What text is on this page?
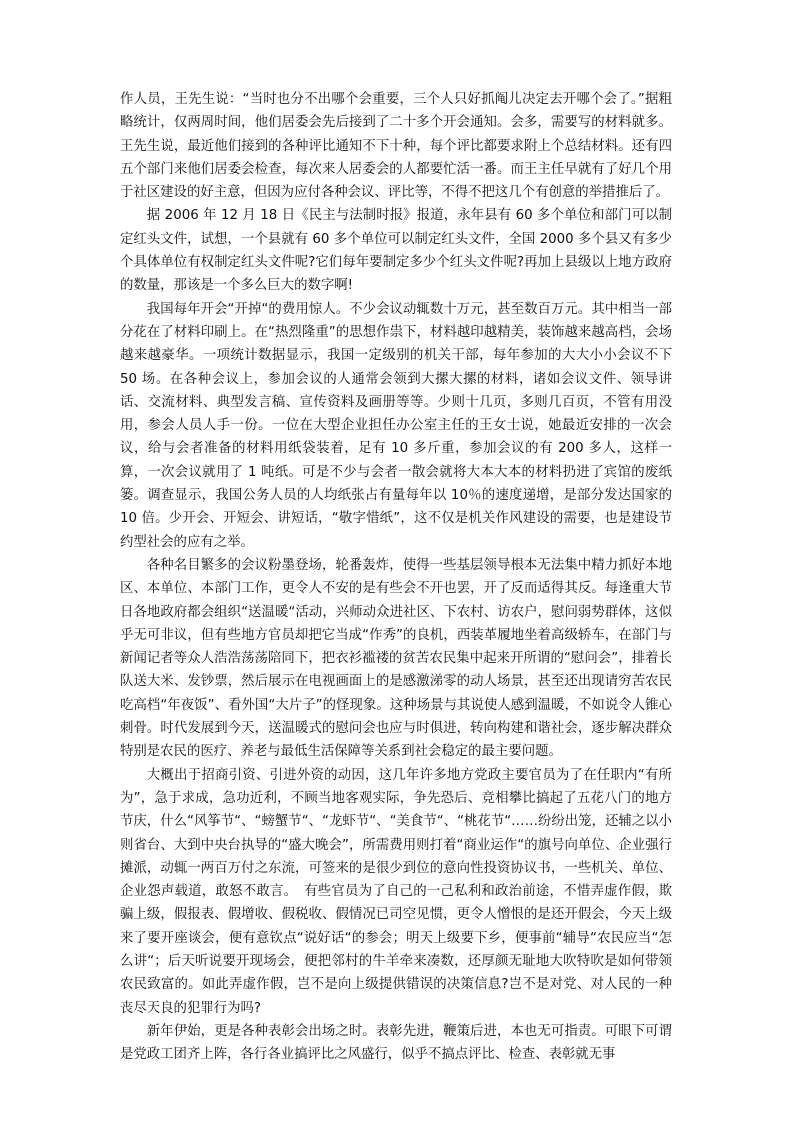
作人员，王先生说：“当时也分不出哪个会重要，三个人只好抓阄儿决定去开哪个会了。”据粗略统计，仅两周时间，他们居委会先后接到了二十多个开会通知。会多，需要写的材料就多。王先生说，最近他们接到的各种评比通知不下十种，每个评比都要求附上个总结材料。还有四五个部门来他们居委会检查，每次来人居委会的人都要忙活一番。而王主任早就有了好几个用于社区建设的好主意，但因为应付各种会议、评比等，不得不把这几个有创意的举措推后了。

据 2006 年 12 月 18 日《民主与法制时报》报道，永年县有 60 多个单位和部门可以制定红头文件，试想，一个县就有 60 多个单位可以制定红头文件，全国 2000 多个县又有多少个具体单位有权制定红头文件呢?它们每年要制定多少个红头文件呢?再加上县级以上地方政府的数量，那该是一个多么巨大的数字啊!

我国每年开会“开掉“的费用惊人。不少会议动辄数十万元，甚至数百万元。其中相当一部分花在了材料印刷上。在“热烈隆重”的思想作祟下，材料越印越精美，装饰越来越高档，会场越来越豪华。一项统计数据显示，我国一定级别的机关干部，每年参加的大大小小会议不下 50 场。在各种会议上，参加会议的人通常会领到大摞大摞的材料，诸如会议文件、领导讲话、交流材料、典型发言稿、宣传资料及画册等等。少则十几页，多则几百页，不管有用没用，参会人员人手一份。一位在大型企业担任办公室主任的王女士说，她最近安排的一次会议，给与会者准备的材料用纸袋装着，足有 10 多斤重，参加会议的有 200 多人，这样一算，一次会议就用了 1 吨纸。可是不少与会者一散会就将大本大本的材料扔进了宾馆的废纸篓。调查显示，我国公务人员的人均纸张占有量每年以 10％的速度递增，是部分发达国家的 10 倍。少开会、开短会、讲短话，“敬字惜纸”，这不仅是机关作风建设的需要，也是建设节约型社会的应有之举。

各种名目繁多的会议粉墨登场，轮番轰炸，使得一些基层领导根本无法集中精力抓好本地区、本单位、本部门工作，更令人不安的是有些会不开也罢，开了反而适得其反。每逢重大节日各地政府都会组织“送温暖“活动，兴师动众进社区、下农村、访农户，慰问弱势群体，这似乎无可非议，但有些地方官员却把它当成“作秀”的良机，西装革履地坐着高级轿车，在部门与新闻记者等众人浩浩荡荡陪同下，把衣衫褴褛的贫苦农民集中起来开所谓的“慰问会”，排着长队送大米、发钞票，然后展示在电视画面上的是感激涕零的动人场景，甚至还出现请穷苦农民吃高档“年夜饭”、看外国“大片子”的怪现象。这种场景与其说使人感到温暖，不如说令人锥心刺骨。时代发展到今天，送温暖式的慰问会也应与时俱进，转向构建和谐社会，逐步解决群众特别是农民的医疗、养老与最低生活保障等关系到社会稳定的最主要问题。

大概出于招商引资、引进外资的动因，这几年许多地方党政主要官员为了在任职内“有所为”，急于求成，急功近利，不顾当地客观实际，争先恐后、竞相攀比搞起了五花八门的地方节庆，什么“风筝节“、“螃蟹节“、“龙虾节“、“美食节“、“桃花节“……纷纷出笼，还辅之以小则省台、大到中央台执导的“盛大晚会”，所需费用则打着“商业运作“的旗号向单位、企业强行摊派，动辄一两百万付之东流，可签来的是很少到位的意向性投资协议书，一些机关、单位、企业怨声载道，敢怒不敢言。　有些官员为了自己的一己私利和政治前途，不惜弄虚作假，欺骗上级，假报表、假增收、假税收、假情况已司空见惯，更令人憎恨的是还开假会，今天上级来了要开座谈会，便有意钦点“说好话“的参会；明天上级要下乡，便事前“辅导“农民应当“怎么讲“；后天听说要开现场会，便把邻村的牛羊牵来凑数，还厚颜无耻地大吹特吹是如何带领农民致富的。如此弄虚作假，岂不是向上级提供错误的决策信息?岂不是对党、对人民的一种丧尽天良的犯罪行为吗?

新年伊始，更是各种表彰会出场之时。表彰先进，鞭策后进，本也无可指责。可眼下可谓是党政工团齐上阵，各行各业搞评比之风盛行，似乎不搞点评比、检查、表彰就无事
